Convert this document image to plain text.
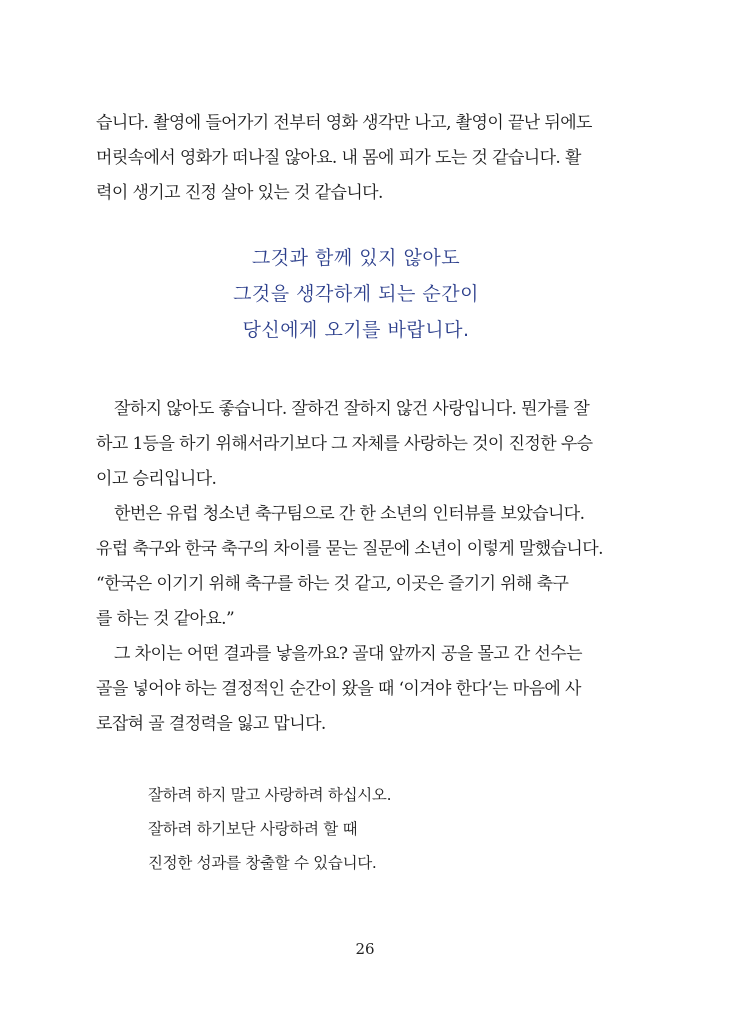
습니다. 촬영에 들어가기 전부터 영화 생각만 나고, 촬영이 끝난 뒤에도
머릿속에서 영화가 떠나질 않아요. 내 몸에 피가 도는 것 같습니다. 활
력이 생기고 진정 살아 있는 것 같습니다.
그것과 함께 있지 않아도
그것을 생각하게 되는 순간이
당신에게 오기를 바랍니다.
잘하지 않아도 좋습니다. 잘하건 잘하지 않건 사랑입니다. 뭔가를 잘
하고 1등을 하기 위해서라기보다 그 자체를 사랑하는 것이 진정한 우승
이고 승리입니다.
한번은 유럽 청소년 축구팀으로 간 한 소년의 인터뷰를 보았습니다.
유럽 축구와 한국 축구의 차이를 묻는 질문에 소년이 이렇게 말했습니다.
“한국은 이기기 위해 축구를 하는 것 같고, 이곳은 즐기기 위해 축구
를 하는 것 같아요.”
그 차이는 어떤 결과를 낳을까요? 골대 앞까지 공을 몰고 간 선수는
골을 넣어야 하는 결정적인 순간이 왔을 때 ‘이겨야 한다’는 마음에 사
로잡혀 골 결정력을 잃고 맙니다.
잘하려 하지 말고 사랑하려 하십시오.
잘하려 하기보단 사랑하려 할 때
진정한 성과를 창출할 수 있습니다.
26
